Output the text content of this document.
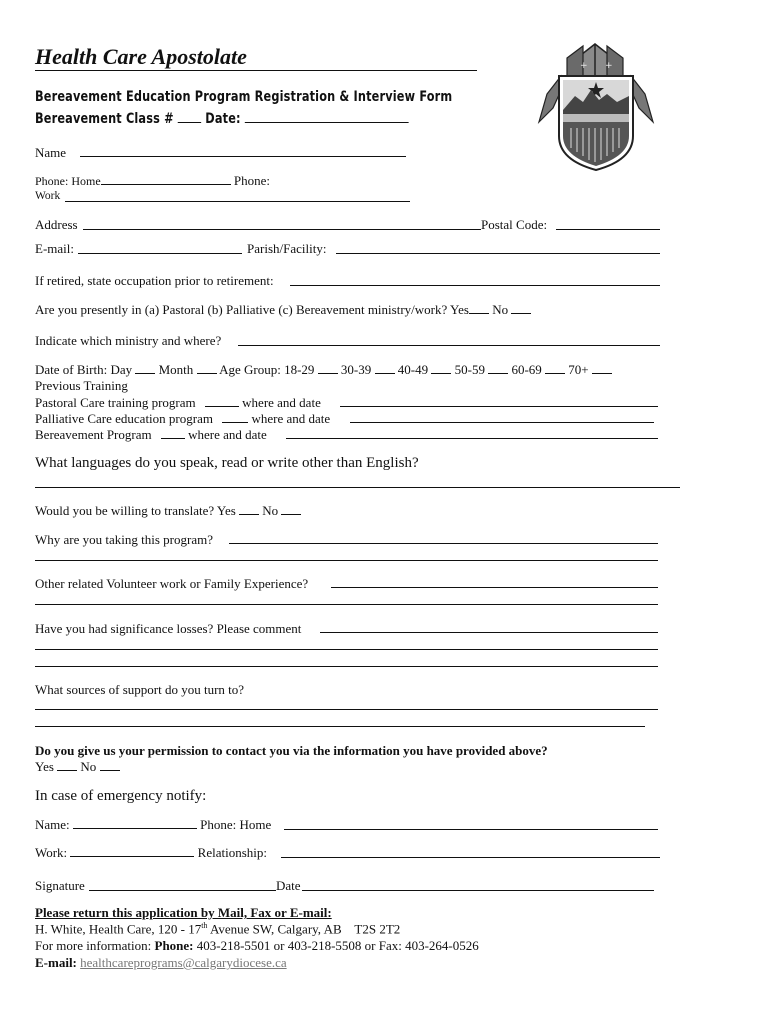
Health Care Apostolate	+ +
Bereavement Education Program Registration & Interview Form
Bereavement Class # Date:
Name
Phone: Home	Phone:
Work
Address	Postal Code:
E-mail:	Parish/Facility:
If retired, state occupation prior to retirement:
Are you presently in (a) Pastoral (b) Palliative (c) Bereavement ministry/work? Yes No
Indicate which ministry and where?
Date of Birth: Day Month Age Group: 18-29 30-39 40-49 50-59 60-69 70+
Previous Training
Pastoral Care training program	where and date
Palliative Care education program	where and date
Bereavement Program	where and date
What languages do you speak, read or write other than English?
Would you be willing to translate? Yes No
Why are you taking this program?
Other related Volunteer work or Family Experience?
Have you had significance losses? Please comment
What sources of support do you turn to?
Do you give us your permission to contact you via the information you have provided above?
Yes No
In case of emergency notify:
Name:	Phone: Home
Work:	Relationship:
Signature	Date
Please return this application by Mail, Fax or E-mail:
H. White, Health Care, 120 - 17th Avenue SW, Calgary, AB    T2S 2T2
For more information: Phone: 403-218-5501 or 403-218-5508 or Fax: 403-264-0526
E-mail: healthcareprograms@calgarydiocese.ca
